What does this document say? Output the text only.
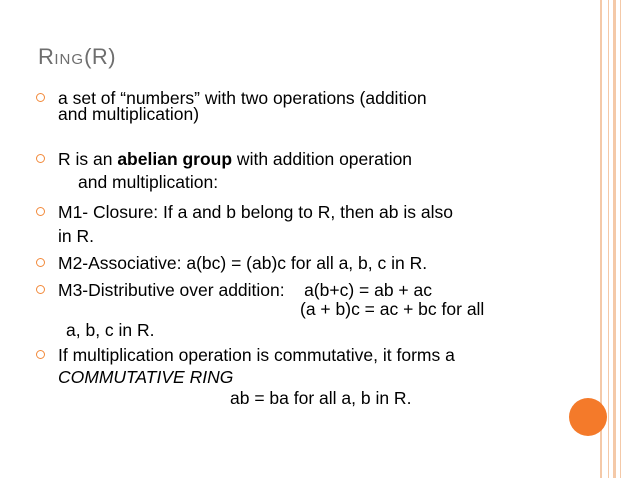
RING(R)
a set of “numbers” with two operations (addition
and multiplication)
R is an abelian group with addition operation
and multiplication:
M1- Closure: If a and b belong to R, then ab is also
in R.
M2-Associative: a(bc) = (ab)c for all a, b, c in R.
M3-Distributive over addition:    a(b+c) = ab + ac
(a + b)c = ac + bc for all
a, b, c in R.
If multiplication operation is commutative, it forms a
COMMUTATIVE RING
ab = ba for all a, b in R.
